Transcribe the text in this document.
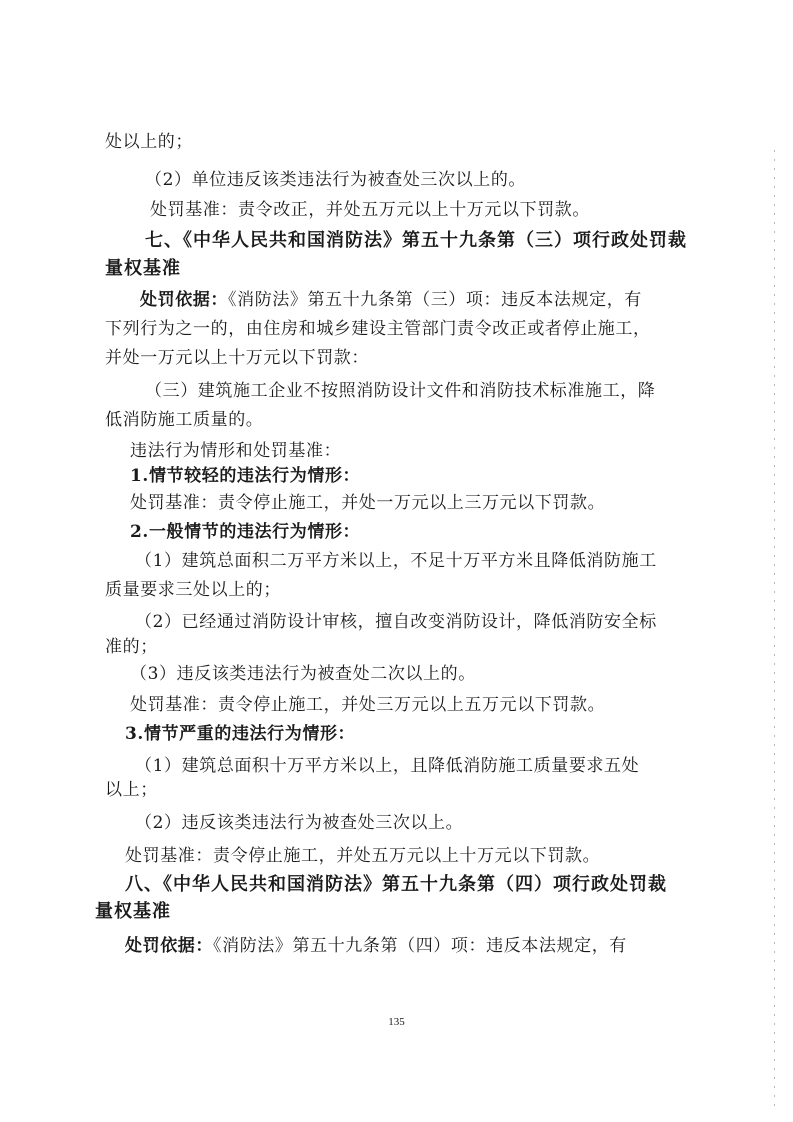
处以上的；
（2）单位违反该类违法行为被查处三次以上的。
处罚基准：责令改正，并处五万元以上十万元以下罚款。
七、《中华人民共和国消防法》第五十九条第（三）项行政处罚裁
量权基准
处罚依据：《消防法》第五十九条第（三）项：违反本法规定，有
下列行为之一的，由住房和城乡建设主管部门责令改正或者停止施工，
并处一万元以上十万元以下罚款：
（三）建筑施工企业不按照消防设计文件和消防技术标准施工，降
低消防施工质量的。
违法行为情形和处罚基准：
1.情节较轻的违法行为情形：
处罚基准：责令停止施工，并处一万元以上三万元以下罚款。
2.一般情节的违法行为情形：
（1）建筑总面积二万平方米以上，不足十万平方米且降低消防施工
质量要求三处以上的；
（2）已经通过消防设计审核，擅自改变消防设计，降低消防安全标
准的；
（3）违反该类违法行为被查处二次以上的。
处罚基准：责令停止施工，并处三万元以上五万元以下罚款。
3.情节严重的违法行为情形：
（1）建筑总面积十万平方米以上，且降低消防施工质量要求五处
以上；
（2）违反该类违法行为被查处三次以上。
处罚基准：责令停止施工，并处五万元以上十万元以下罚款。
八、《中华人民共和国消防法》第五十九条第（四）项行政处罚裁
量权基准
处罚依据：《消防法》第五十九条第（四）项：违反本法规定，有
135
